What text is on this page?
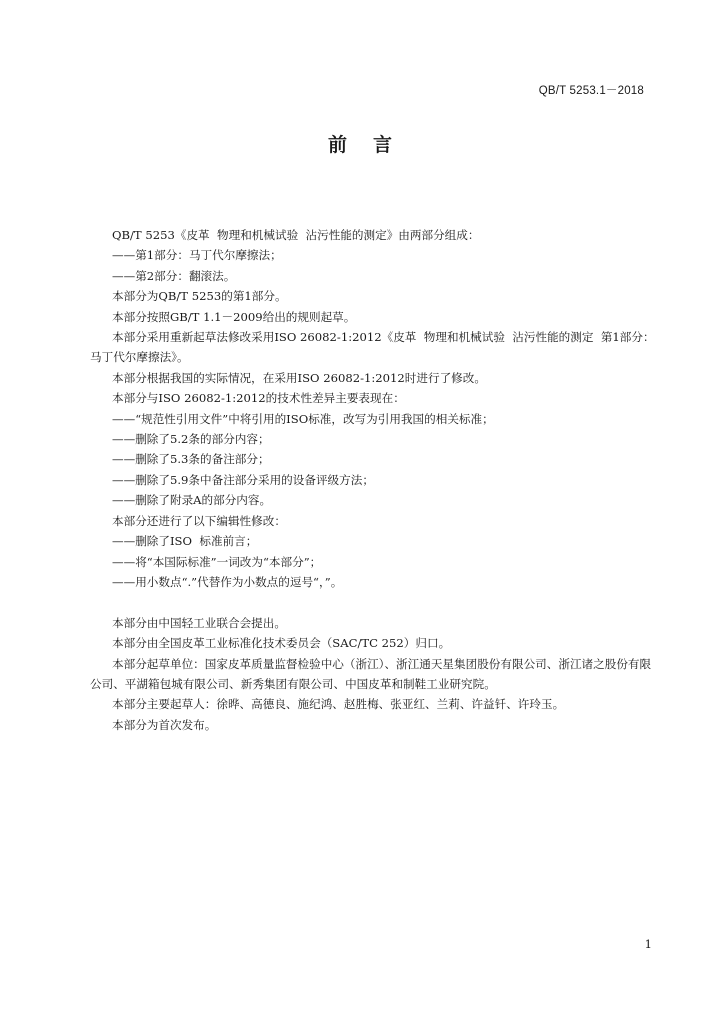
QB/T 5253.1－2018
前言

QB/T 5253《皮革  物理和机械试验  沾污性能的测定》由两部分组成：

——第1部分：马丁代尔摩擦法；

——第2部分：翻滚法。

本部分为QB/T 5253的第1部分。

本部分按照GB/T 1.1－2009给出的规则起草。

本部分采用重新起草法修改采用ISO 26082-1:2012《皮革  物理和机械试验  沾污性能的测定  第1部分：马丁代尔摩擦法》。

本部分根据我国的实际情况，在采用ISO 26082-1:2012时进行了修改。

本部分与ISO 26082-1:2012的技术性差异主要表现在：

——“规范性引用文件”中将引用的ISO标准，改写为引用我国的相关标准；

——删除了5.2条的部分内容；

——删除了5.3条的备注部分；

——删除了5.9条中备注部分采用的设备评级方法；

——删除了附录A的部分内容。

本部分还进行了以下编辑性修改：

——删除了ISO  标准前言；

——将“本国际标准”一词改为“本部分”；

——用小数点“.”代替作为小数点的逗号“，”。

本部分由中国轻工业联合会提出。

本部分由全国皮革工业标准化技术委员会（SAC/TC 252）归口。

本部分起草单位：国家皮革质量监督检验中心（浙江）、浙江通天星集团股份有限公司、浙江诸之股份有限公司、平湖箱包城有限公司、新秀集团有限公司、中国皮革和制鞋工业研究院。

本部分主要起草人：徐晔、高德良、施纪鸿、赵胜梅、张亚红、兰莉、许益钎、许玲玉。

本部分为首次发布。

1
